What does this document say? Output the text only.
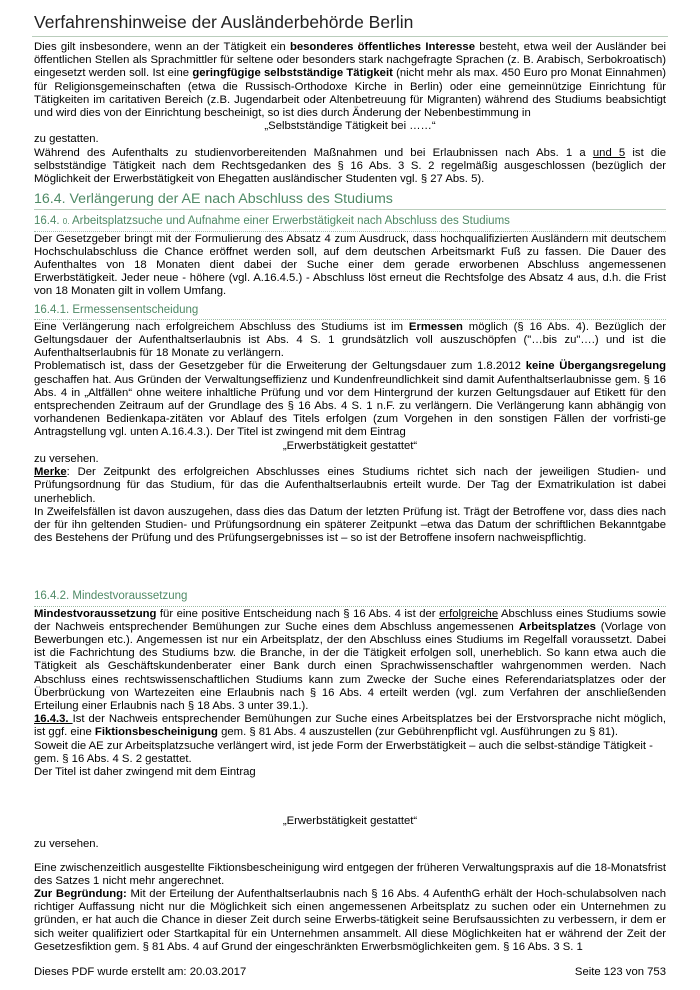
Verfahrenshinweise der Ausländerbehörde Berlin

Dies gilt insbesondere, wenn an der Tätigkeit ein besonderes öffentliches Interesse besteht, etwa weil der Ausländer bei öffentlichen Stellen als Sprachmittler für seltene oder besonders stark nachgefragte Sprachen (z. B. Arabisch, Serbokroatisch) eingesetzt werden soll. Ist eine geringfügige selbstständige Tätigkeit (nicht mehr als max. 450 Euro pro Monat Einnahmen) für Religionsgemeinschaften (etwa die Russisch-Orthodoxe Kirche in Berlin) oder eine gemeinnützige Einrichtung für Tätigkeiten im caritativen Bereich (z.B. Jugendarbeit oder Altenbetreuung für Migranten) während des Studiums beabsichtigt und wird dies von der Einrichtung bescheinigt, so ist dies durch Änderung der Nebenbestimmung in

„Selbstständige Tätigkeit bei ……“

zu gestatten.

Während des Aufenthalts zu studienvorbereitenden Maßnahmen und bei Erlaubnissen nach Abs. 1 a und 5 ist die selbstständige Tätigkeit nach dem Rechtsgedanken des § 16 Abs. 3 S. 2 regelmäßig ausgeschlossen (bezüglich der Möglichkeit der Erwerbstätigkeit von Ehegatten ausländischer Studenten vgl. § 27 Abs. 5).

16.4. Verlängerung der AE nach Abschluss des Studiums
16.4. 0. Arbeitsplatzsuche und Aufnahme einer Erwerbstätigkeit nach Abschluss des Studiums

Der Gesetzgeber bringt mit der Formulierung des Absatz 4 zum Ausdruck, dass hochqualifizierten Ausländern mit deutschem Hochschulabschluss die Chance eröffnet werden soll, auf dem deutschen Arbeitsmarkt Fuß zu fassen. Die Dauer des Aufenthaltes von 18 Monaten dient dabei der Suche einer dem gerade erworbenen Abschluss angemessenen Erwerbstätigkeit. Jeder neue - höhere (vgl. A.16.4.5.) - Abschluss löst erneut die Rechtsfolge des Absatz 4 aus, d.h. die Frist von 18 Monaten gilt in vollem Umfang.

16.4.1. Ermessensentscheidung

Eine Verlängerung nach erfolgreichem Abschluss des Studiums ist im Ermessen möglich (§ 16 Abs. 4). Bezüglich der Geltungsdauer der Aufenthaltserlaubnis ist Abs. 4 S. 1 grundsätzlich voll auszuschöpfen ("…bis zu"….) und ist die Aufenthaltserlaubnis für 18 Monate zu verlängern.

Problematisch ist, dass der Gesetzgeber für die Erweiterung der Geltungsdauer zum 1.8.2012 keine Übergangsregelung geschaffen hat. Aus Gründen der Verwaltungseffizienz und Kundenfreundlichkeit sind damit Aufenthaltserlaubnisse gem. § 16 Abs. 4 in „Altfällen“ ohne weitere inhaltliche Prüfung und vor dem Hintergrund der kurzen Geltungsdauer auf Etikett für den entsprechenden Zeitraum auf der Grundlage des § 16 Abs. 4 S. 1 n.F. zu verlängern. Die Verlängerung kann abhängig von vorhandenen Bedienkapa-zitäten vor Ablauf des Titels erfolgen (zum Vorgehen in den sonstigen Fällen der vorfristi-ge Antragstellung vgl. unten A.16.4.3.). Der Titel ist zwingend mit dem Eintrag

„Erwerbstätigkeit gestattet“

zu versehen.

Merke: Der Zeitpunkt des erfolgreichen Abschlusses eines Studiums richtet sich nach der jeweiligen Studien- und Prüfungsordnung für das Studium, für das die Aufenthaltserlaubnis erteilt wurde. Der Tag der Exmatrikulation ist dabei unerheblich.

In Zweifelsfällen ist davon auszugehen, dass dies das Datum der letzten Prüfung ist. Trägt der Betroffene vor, dass dies nach der für ihn geltenden Studien- und Prüfungsordnung ein späterer Zeitpunkt –etwa das Datum der schriftlichen Bekanntgabe des Bestehens der Prüfung und des Prüfungsergebnisses ist – so ist der Betroffene insofern nachweispflichtig.

16.4.2. Mindestvoraussetzung

Mindestvoraussetzung für eine positive Entscheidung nach § 16 Abs. 4 ist der erfolgreiche Abschluss eines Studiums sowie der Nachweis entsprechender Bemühungen zur Suche eines dem Abschluss angemessenen Arbeitsplatzes (Vorlage von Bewerbungen etc.). Angemessen ist nur ein Arbeitsplatz, der den Abschluss eines Studiums im Regelfall voraussetzt. Dabei ist die Fachrichtung des Studiums bzw. die Branche, in der die Tätigkeit erfolgen soll, unerheblich. So kann etwa auch die Tätigkeit als Geschäftskundenberater einer Bank durch einen Sprachwissenschaftler wahrgenommen werden. Nach Abschluss eines rechtswissenschaftlichen Studiums kann zum Zwecke der Suche eines Referendariatsplatzes oder der Überbrückung von Wartezeiten eine Erlaubnis nach § 16 Abs. 4 erteilt werden (vgl. zum Verfahren der anschließenden Erteilung einer Erlaubnis nach § 18 Abs. 3 unter 39.1.).

16.4.3. Ist der Nachweis entsprechender Bemühungen zur Suche eines Arbeitsplatzes bei der Erstvorsprache nicht möglich, ist ggf. eine Fiktionsbescheinigung gem. § 81 Abs. 4 auszustellen (zur Gebührenpflicht vgl. Ausführungen zu § 81).

Soweit die AE zur Arbeitsplatzsuche verlängert wird, ist jede Form der Erwerbstätigkeit – auch die selbst-ständige Tätigkeit - gem. § 16 Abs. 4 S. 2 gestattet.

Der Titel ist daher zwingend mit dem Eintrag

„Erwerbstätigkeit gestattet“

zu versehen.

Eine zwischenzeitlich ausgestellte Fiktionsbescheinigung wird entgegen der früheren Verwaltungspraxis auf die 18-Monatsfrist des Satzes 1 nicht mehr angerechnet.

Zur Begründung: Mit der Erteilung der Aufenthaltserlaubnis nach § 16 Abs. 4 AufenthG erhält der Hoch-schulabsolven nach richtiger Auffassung nicht nur die Möglichkeit sich einen angemessenen Arbeitsplatz zu suchen oder ein Unternehmen zu gründen, er hat auch die Chance in dieser Zeit durch seine Erwerbs-tätigkeit seine Berufsaussichten zu verbessern, ir dem er sich weiter qualifiziert oder Startkapital für ein Unternehmen ansammelt. All diese Möglichkeiten hat er während der Zeit der Gesetzesfiktion gem. § 81 Abs. 4 auf Grund der eingeschränkten Erwerbsmöglichkeiten gem. § 16 Abs. 3 S. 1

Dieses PDF wurde erstellt am: 20.03.2017	Seite 123 von 753
